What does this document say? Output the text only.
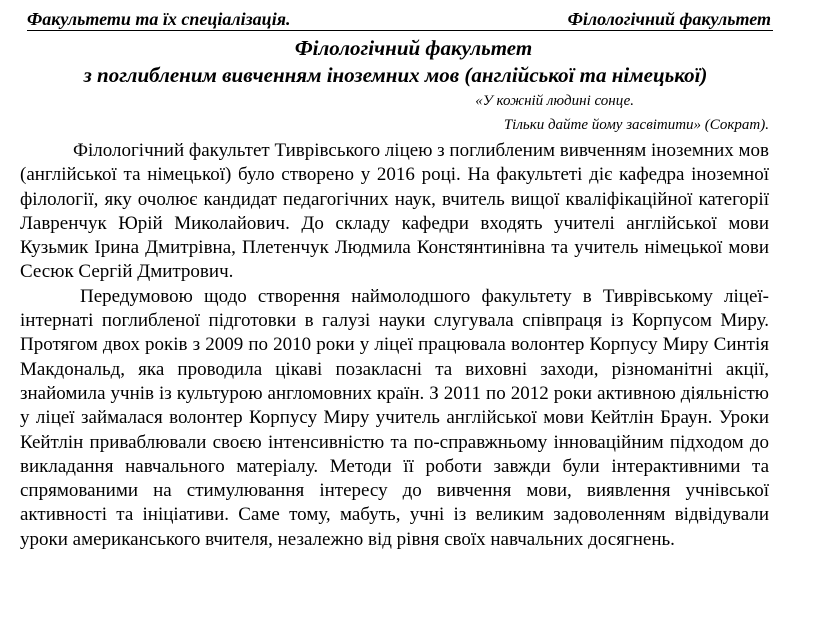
Факультети та їх спеціалізація.	Філологічний факультет
Філологічний факультет
з поглибленим вивченням іноземних мов (англійської та німецької)
«У кожній людині сонце.
Тільки дайте йому засвітити» (Сократ).

Філологічний факультет Тиврівського ліцею з поглибленим вивченням іноземних мов (англійської та німецької) було створено у 2016 році. На факультеті діє кафедра іноземної філології, яку очолює кандидат педагогічних наук, вчитель вищої кваліфікаційної категорії Лавренчук Юрій Миколайович. До складу кафедри входять учителі англійської мови Кузьмик Ірина Дмитрівна, Плетенчук Людмила Констянтинівна та учитель німецької мови Сесюк Сергій Дмитрович.

Передумовою щодо створення наймолодшого факультету в Тиврівському ліцеї-інтернаті поглибленої підготовки в галузі науки слугувала співпраця із Корпусом Миру. Протягом двох років з 2009 по 2010 роки у ліцеї працювала волонтер Корпусу Миру Синтія Макдональд, яка проводила цікаві позакласні та виховні заходи, різноманітні акції, знайомила учнів із культурою англомовних країн. З 2011 по 2012 роки активною діяльністю у ліцеї займалася волонтер Корпусу Миру учитель англійської мови Кейтлін Браун. Уроки Кейтлін приваблювали своєю інтенсивністю та по-справжньому інноваційним підходом до викладання навчального матеріалу. Методи її роботи завжди були інтерактивними та спрямованими на стимулювання інтересу до вивчення мови, виявлення учнівської активності та ініціативи. Саме тому, мабуть, учні із великим задоволенням відвідували уроки американського вчителя, незалежно від рівня своїх навчальних досягнень.
